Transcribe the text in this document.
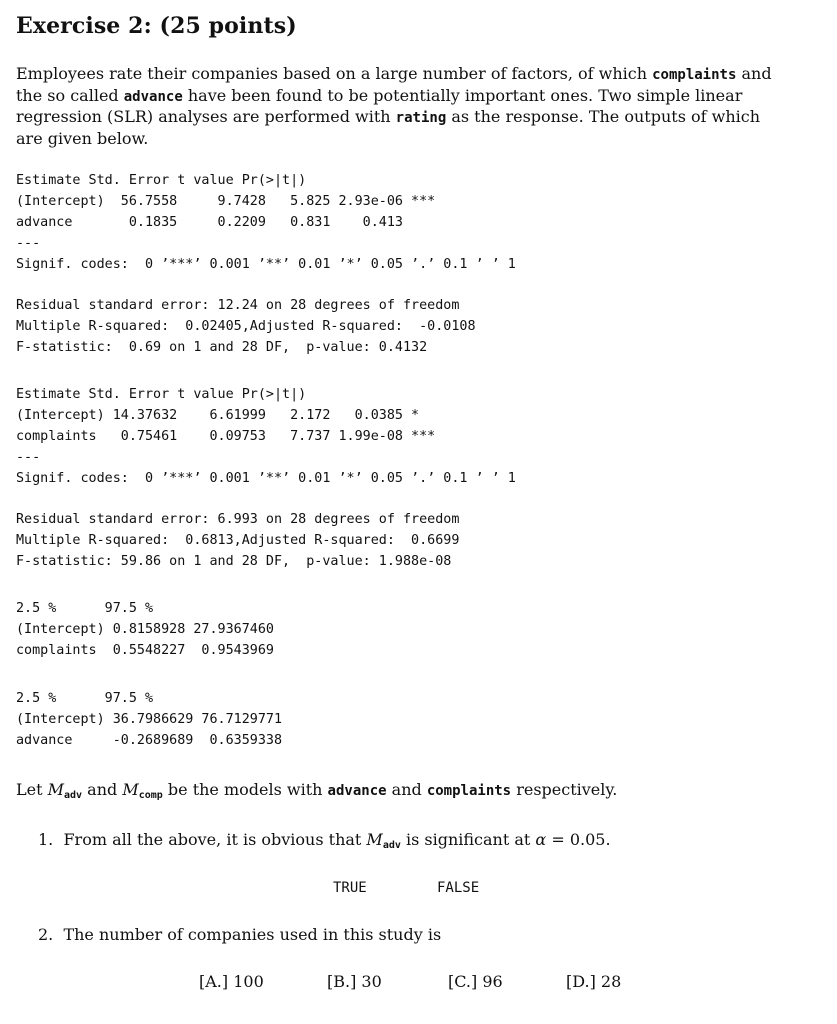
Exercise 2: (25 points)

Employees rate their companies based on a large number of factors, of which complaints and the so called advance have been found to be potentially important ones. Two simple linear regression (SLR) analyses are performed with rating as the response. The outputs of which are given below.

Estimate Std. Error t value Pr(>|t|)
(Intercept)  56.7558     9.7428   5.825 2.93e-06 ***
advance       0.1835     0.2209   0.831    0.413
---
Signif. codes:  0 ’***’ 0.001 ’**’ 0.01 ’*’ 0.05 ’.’ 0.1 ’ ’ 1

Residual standard error: 12.24 on 28 degrees of freedom
Multiple R-squared:  0.02405,Adjusted R-squared:  -0.0108
F-statistic:  0.69 on 1 and 28 DF,  p-value: 0.4132
Estimate Std. Error t value Pr(>|t|)
(Intercept) 14.37632    6.61999   2.172   0.0385 *
complaints   0.75461    0.09753   7.737 1.99e-08 ***
---
Signif. codes:  0 ’***’ 0.001 ’**’ 0.01 ’*’ 0.05 ’.’ 0.1 ’ ’ 1

Residual standard error: 6.993 on 28 degrees of freedom
Multiple R-squared:  0.6813,Adjusted R-squared:  0.6699
F-statistic: 59.86 on 1 and 28 DF,  p-value: 1.988e-08
2.5 %      97.5 %
(Intercept) 0.8158928 27.9367460
complaints  0.5548227  0.9543969
2.5 %      97.5 %
(Intercept) 36.7986629 76.7129771
advance     -0.2689689  0.6359338

Let $M_{adv}$ and $M_{comp}$ be the models with advance and complaints respectively.

1. From all the above, it is obvious that $M_{adv}$ is significant at α = 0.05.

TRUE	FALSE

2. The number of companies used in this study is

[A.] 100	[B.] 30	[C.] 96	[D.] 28
